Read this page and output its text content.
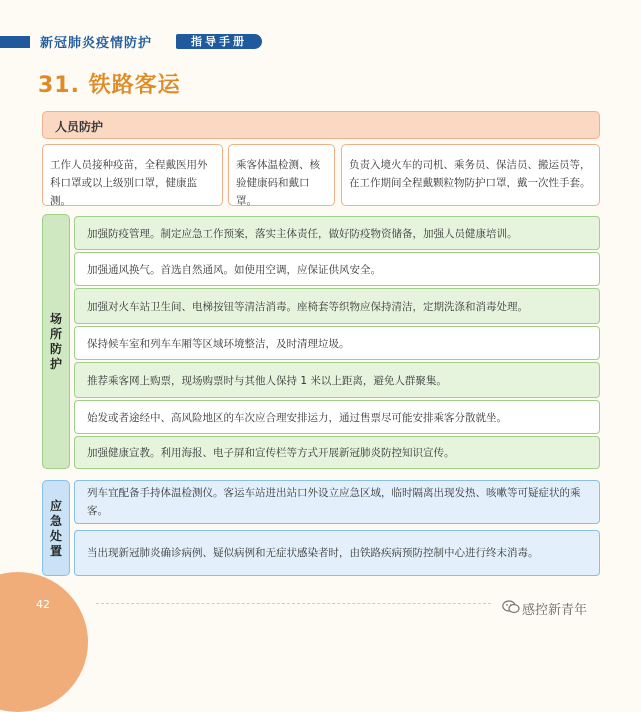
新冠肺炎疫情防护	指导手册
31. 铁路客运
人员防护
工作人员接种疫苗，全程戴医用外科口罩或以上级别口罩，健康监测。
乘客体温检测、核验健康码和戴口罩。
负责入境火车的司机、乘务员、保洁员、搬运员等，在工作期间全程戴颗粒物防护口罩，戴一次性手套。
场
所
防
护
加强防疫管理。制定应急工作预案，落实主体责任，做好防疫物资储备，加强人员健康培训。
加强通风换气。首选自然通风。如使用空调，应保证供风安全。
加强对火车站卫生间、电梯按钮等清洁消毒。座椅套等织物应保持清洁，定期洗涤和消毒处理。
保持候车室和列车车厢等区域环境整洁，及时清理垃圾。
推荐乘客网上购票，现场购票时与其他人保持 1 米以上距离，避免人群聚集。
始发或者途经中、高风险地区的车次应合理安排运力，通过售票尽可能安排乘客分散就坐。
加强健康宣教。利用海报、电子屏和宣传栏等方式开展新冠肺炎防控知识宣传。
应
急
处
置
列车宜配备手持体温检测仪。客运车站进出站口外设立应急区域，临时隔离出现发热、咳嗽等可疑症状的乘客。
当出现新冠肺炎确诊病例、疑似病例和无症状感染者时，由铁路疾病预防控制中心进行终末消毒。
42	感控新青年
